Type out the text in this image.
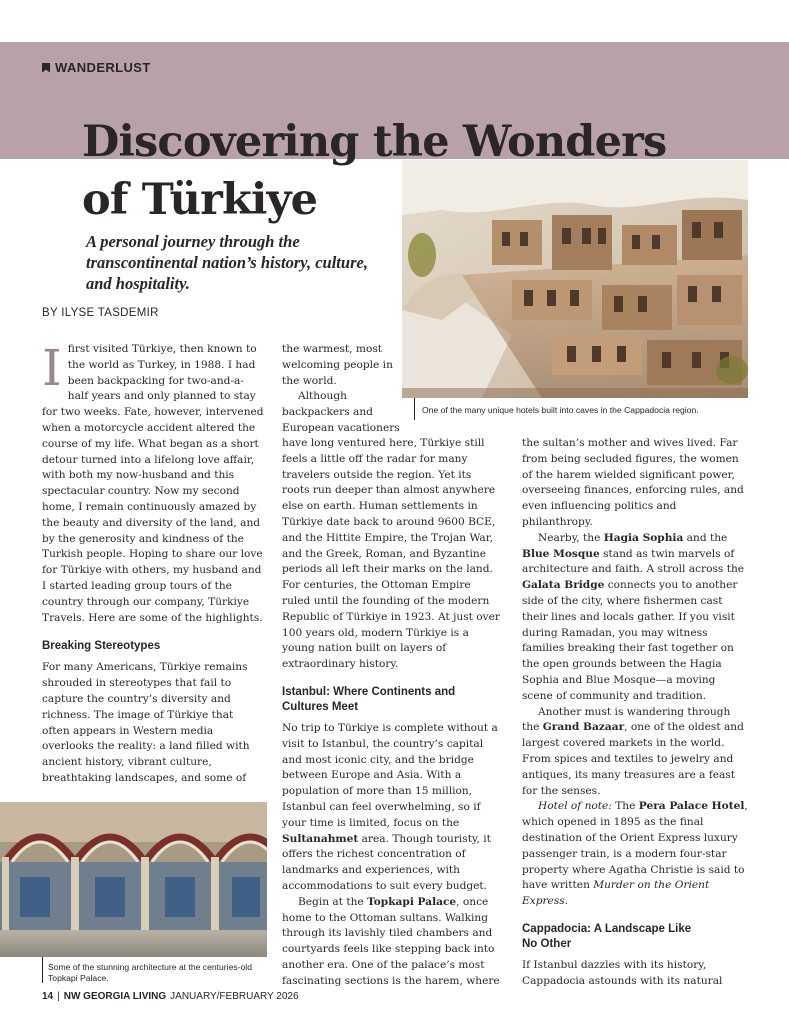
WANDERLUST
One of the many unique hotels built into caves in the Cappadocia region.
Discovering the Wonders
of Türkiye

A personal journey through the transcontinental nation’s history, culture, and hospitality.

BY ILYSE TASDEMIR

Ifirst visited Türkiye, then known to the world as Turkey, in 1988. I had been backpacking for two-and-a-half years and only planned to stay for two weeks. Fate, however, intervened when a motorcycle accident altered the course of my life. What began as a short detour turned into a lifelong love affair, with both my now-husband and this spectacular country. Now my second home, I remain continuously amazed by the beauty and diversity of the land, and by the generosity and kindness of the Turkish people. Hoping to share our love for Türkiye with others, my husband and I started leading group tours of the country through our company, Türkiye Travels. Here are some of the highlights.

Breaking Stereotypes

For many Americans, Türkiye remains shrouded in stereotypes that fail to capture the country’s diversity and richness. The image of Türkiye that often appears in Western media overlooks the reality: a land filled with ancient history, vibrant culture, breathtaking landscapes, and some of

the warmest, most welcoming people in the world.

Although backpackers and European vacationers

have long ventured here, Türkiye still feels a little off the radar for many travelers outside the region. Yet its roots run deeper than almost anywhere else on earth. Human settlements in Türkiye date back to around 9600 BCE, and the Hittite Empire, the Trojan War, and the Greek, Roman, and Byzantine periods all left their marks on the land. For centuries, the Ottoman Empire ruled until the founding of the modern Republic of Türkiye in 1923. At just over 100 years old, modern Türkiye is a young nation built on layers of extraordinary history.

Istanbul: Where Continents and Cultures Meet

No trip to Türkiye is complete without a visit to Istanbul, the country’s capital and most iconic city, and the bridge between Europe and Asia. With a population of more than 15 million, Istanbul can feel overwhelming, so if your time is limited, focus on the Sultanahmet area. Though touristy, it offers the richest concentration of landmarks and experiences, with accommodations to suit every budget.

Begin at the Topkapi Palace, once home to the Ottoman sultans. Walking through its lavishly tiled chambers and courtyards feels like stepping back into another era. One of the palace’s most fascinating sections is the harem, where

the sultan’s mother and wives lived. Far from being secluded figures, the women of the harem wielded significant power, overseeing finances, enforcing rules, and even influencing politics and philanthropy.

Nearby, the Hagia Sophia and the Blue Mosque stand as twin marvels of architecture and faith. A stroll across the Galata Bridge connects you to another side of the city, where fishermen cast their lines and locals gather. If you visit during Ramadan, you may witness families breaking their fast together on the open grounds between the Hagia Sophia and Blue Mosque—a moving scene of community and tradition.

Another must is wandering through the Grand Bazaar, one of the oldest and largest covered markets in the world. From spices and textiles to jewelry and antiques, its many treasures are a feast for the senses.

Hotel of note: The Pera Palace Hotel, which opened in 1895 as the final destination of the Orient Express luxury passenger train, is a modern four-star property where Agatha Christie is said to have written Murder on the Orient Express.

Cappadocia: A Landscape Like No Other

If Istanbul dazzles with its history, Cappadocia astounds with its natural

Some of the stunning architecture at the centuries-old Topkapi Palace.
14 | NW GEORGIA LIVING JANUARY/FEBRUARY 2026
